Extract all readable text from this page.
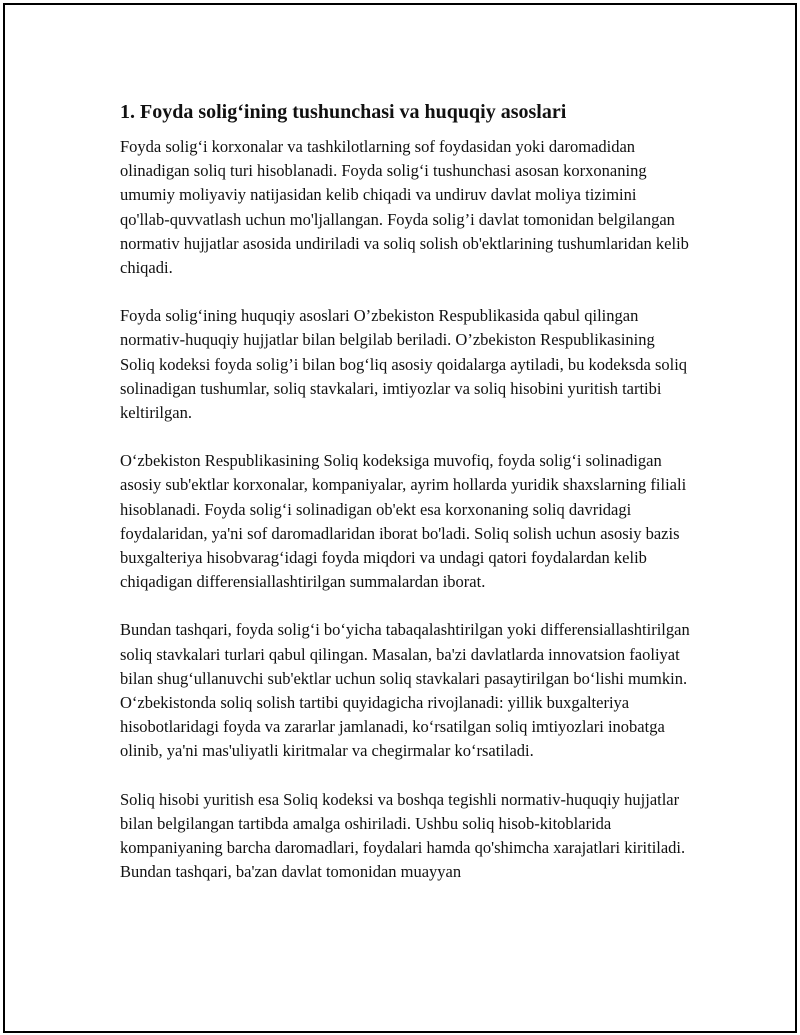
1. Foyda solig‘ining tushunchasi va huquqiy asoslari

Foyda solig‘i korxonalar va tashkilotlarning sof foydasidan yoki daromadidan olinadigan soliq turi hisoblanadi. Foyda solig‘i tushunchasi asosan korxonaning umumiy moliyaviy natijasidan kelib chiqadi va undiruv davlat moliya tizimini qo'llab-quvvatlash uchun mo'ljallangan. Foyda solig’i davlat tomonidan belgilangan normativ hujjatlar asosida undiriladi va soliq solish ob'ektlarining tushumlaridan kelib chiqadi.

Foyda solig‘ining huquqiy asoslari O’zbekiston Respublikasida qabul qilingan normativ-huquqiy hujjatlar bilan belgilab beriladi. O’zbekiston Respublikasining Soliq kodeksi foyda solig’i bilan bog‘liq asosiy qoidalarga aytiladi, bu kodeksda soliq solinadigan tushumlar, soliq stavkalari, imtiyozlar va soliq hisobini yuritish tartibi keltirilgan.

O‘zbekiston Respublikasining Soliq kodeksiga muvofiq, foyda solig‘i solinadigan asosiy sub'ektlar korxonalar, kompaniyalar, ayrim hollarda yuridik shaxslarning filiali hisoblanadi. Foyda solig‘i solinadigan ob'ekt esa korxonaning soliq davridagi foydalaridan, ya'ni sof daromadlaridan iborat bo'ladi. Soliq solish uchun asosiy bazis buxgalteriya hisobvarag‘idagi foyda miqdori va undagi qatori foydalardan kelib chiqadigan differensiallashtirilgan summalardan iborat.

Bundan tashqari, foyda solig‘i bo‘yicha tabaqalashtirilgan yoki differensiallashtirilgan soliq stavkalari turlari qabul qilingan. Masalan, ba'zi davlatlarda innovatsion faoliyat bilan shug‘ullanuvchi sub'ektlar uchun soliq stavkalari pasaytirilgan bo‘lishi mumkin. O‘zbekistonda soliq solish tartibi quyidagicha rivojlanadi: yillik buxgalteriya hisobotlaridagi foyda va zararlar jamlanadi, ko‘rsatilgan soliq imtiyozlari inobatga olinib, ya'ni mas'uliyatli kiritmalar va chegirmalar ko‘rsatiladi.

Soliq hisobi yuritish esa Soliq kodeksi va boshqa tegishli normativ-huquqiy hujjatlar bilan belgilangan tartibda amalga oshiriladi. Ushbu soliq hisob-kitoblarida kompaniyaning barcha daromadlari, foydalari hamda qo'shimcha xarajatlari kiritiladi. Bundan tashqari, ba'zan davlat tomonidan muayyan
